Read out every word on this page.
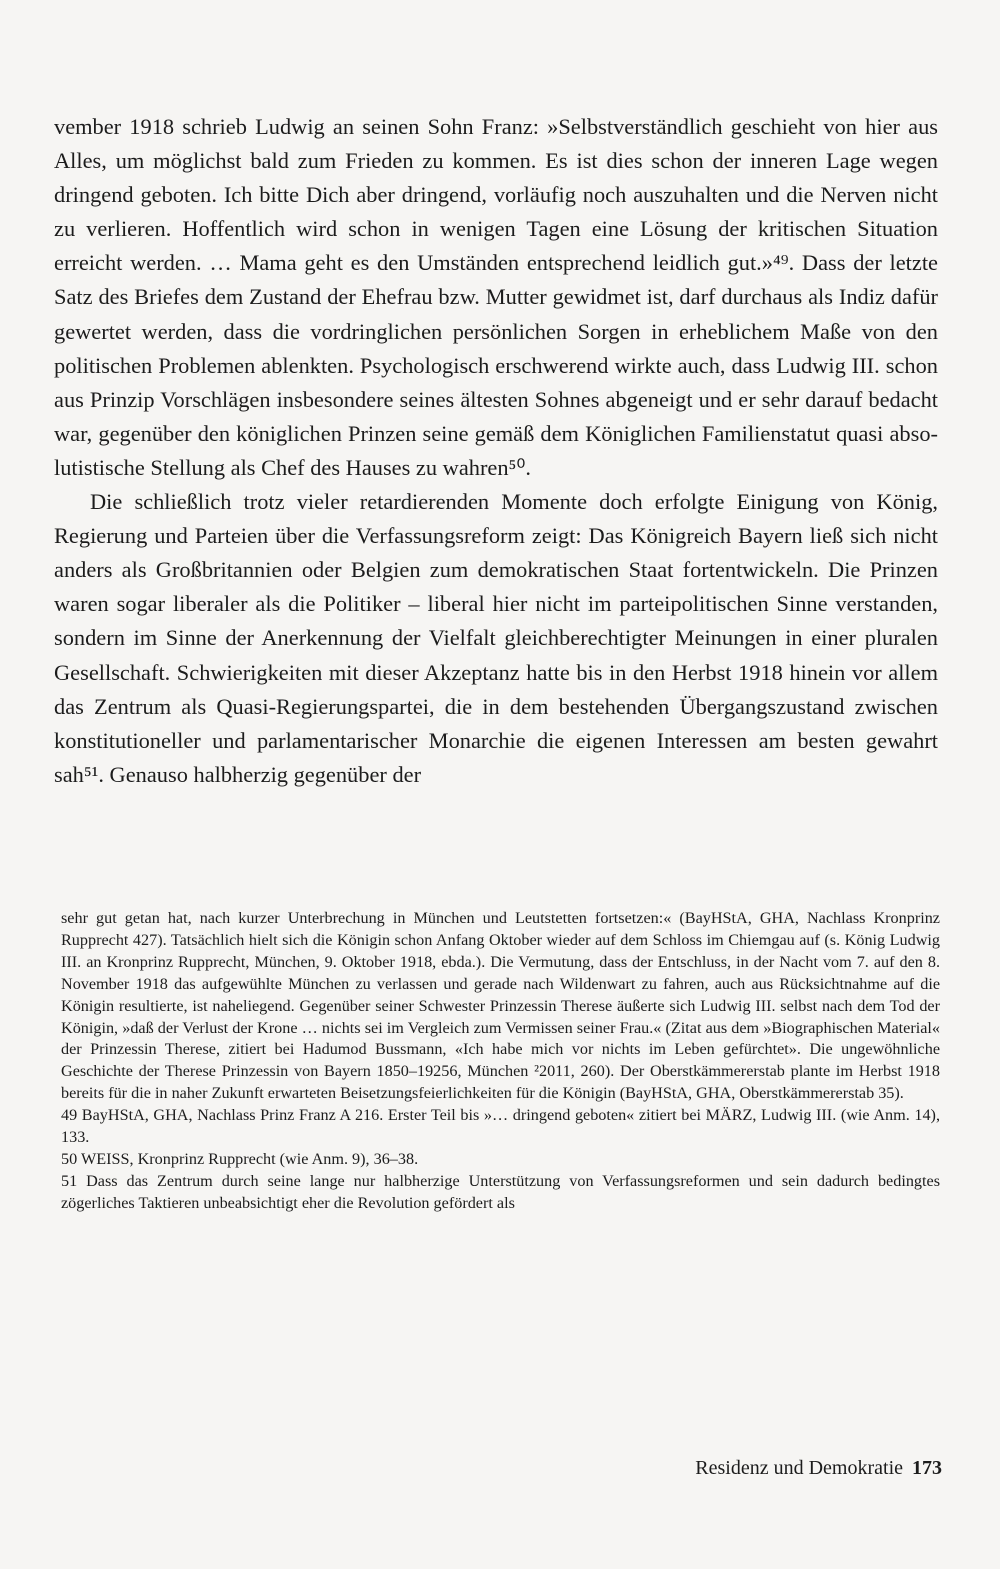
vember 1918 schrieb Ludwig an seinen Sohn Franz: »Selbstverständlich geschieht von hier aus Alles, um möglichst bald zum Frieden zu kommen. Es ist dies schon der inneren Lage wegen dringend geboten. Ich bitte Dich aber dringend, vorläufig noch auszuhalten und die Nerven nicht zu verlieren. Hoffentlich wird schon in wenigen Tagen eine Lösung der kritischen Situation erreicht werden. … Mama geht es den Umständen entsprechend leidlich gut.»⁴⁹. Dass der letzte Satz des Briefes dem Zustand der Ehefrau bzw. Mutter gewidmet ist, darf durchaus als Indiz dafür gewertet werden, dass die vordringlichen persönlichen Sorgen in erheblichem Maße von den politischen Problemen ablenkten. Psychologisch erschwerend wirkte auch, dass Ludwig III. schon aus Prinzip Vorschlägen insbesondere seines ältesten Sohnes abgeneigt und er sehr darauf bedacht war, gegenüber den königlichen Prinzen seine gemäß dem Königlichen Familienstatut quasi absolutistische Stellung als Chef des Hauses zu wahren⁵⁰.

Die schließlich trotz vieler retardierenden Momente doch erfolgte Einigung von König, Regierung und Parteien über die Verfassungsreform zeigt: Das Königreich Bayern ließ sich nicht anders als Großbritannien oder Belgien zum demokratischen Staat fortentwickeln. Die Prinzen waren sogar liberaler als die Politiker – liberal hier nicht im parteipolitischen Sinne verstanden, sondern im Sinne der Anerkennung der Vielfalt gleichberechtigter Meinungen in einer pluralen Gesellschaft. Schwierigkeiten mit dieser Akzeptanz hatte bis in den Herbst 1918 hinein vor allem das Zentrum als Quasi-Regierungspartei, die in dem bestehenden Übergangszustand zwischen konstitutioneller und parlamentarischer Monarchie die eigenen Interessen am besten gewahrt sah⁵¹. Genauso halbherzig gegenüber der

sehr gut getan hat, nach kurzer Unterbrechung in München und Leutstetten fortsetzen:« (BayHStA, GHA, Nachlass Kronprinz Rupprecht 427). Tatsächlich hielt sich die Königin schon Anfang Oktober wieder auf dem Schloss im Chiemgau auf (s. König Ludwig III. an Kronprinz Rupprecht, München, 9. Oktober 1918, ebda.). Die Vermutung, dass der Entschluss, in der Nacht vom 7. auf den 8. November 1918 das aufgewühlte München zu verlassen und gerade nach Wildenwart zu fahren, auch aus Rücksichtnahme auf die Königin resultierte, ist naheliegend. Gegenüber seiner Schwester Prinzessin Therese äußerte sich Ludwig III. selbst nach dem Tod der Königin, »daß der Verlust der Krone … nichts sei im Vergleich zum Vermissen seiner Frau.« (Zitat aus dem »Biographischen Material« der Prinzessin Therese, zitiert bei Hadumod Bussmann, «Ich habe mich vor nichts im Leben gefürchtet». Die ungewöhnliche Geschichte der Therese Prinzessin von Bayern 1850–19256, München ²2011, 260). Der Oberstkämmererstab plante im Herbst 1918 bereits für die in naher Zukunft erwarteten Beisetzungsfeierlichkeiten für die Königin (BayHStA, GHA, Oberstkämmererstab 35).

49 BayHStA, GHA, Nachlass Prinz Franz A 216. Erster Teil bis »… dringend geboten« zitiert bei MÄRZ, Ludwig III. (wie Anm. 14), 133.

50 WEISS, Kronprinz Rupprecht (wie Anm. 9), 36–38.

51 Dass das Zentrum durch seine lange nur halbherzige Unterstützung von Verfassungsreformen und sein dadurch bedingtes zögerliches Taktieren unbeabsichtigt eher die Revolution gefördert als

Residenz und Demokratie 173
